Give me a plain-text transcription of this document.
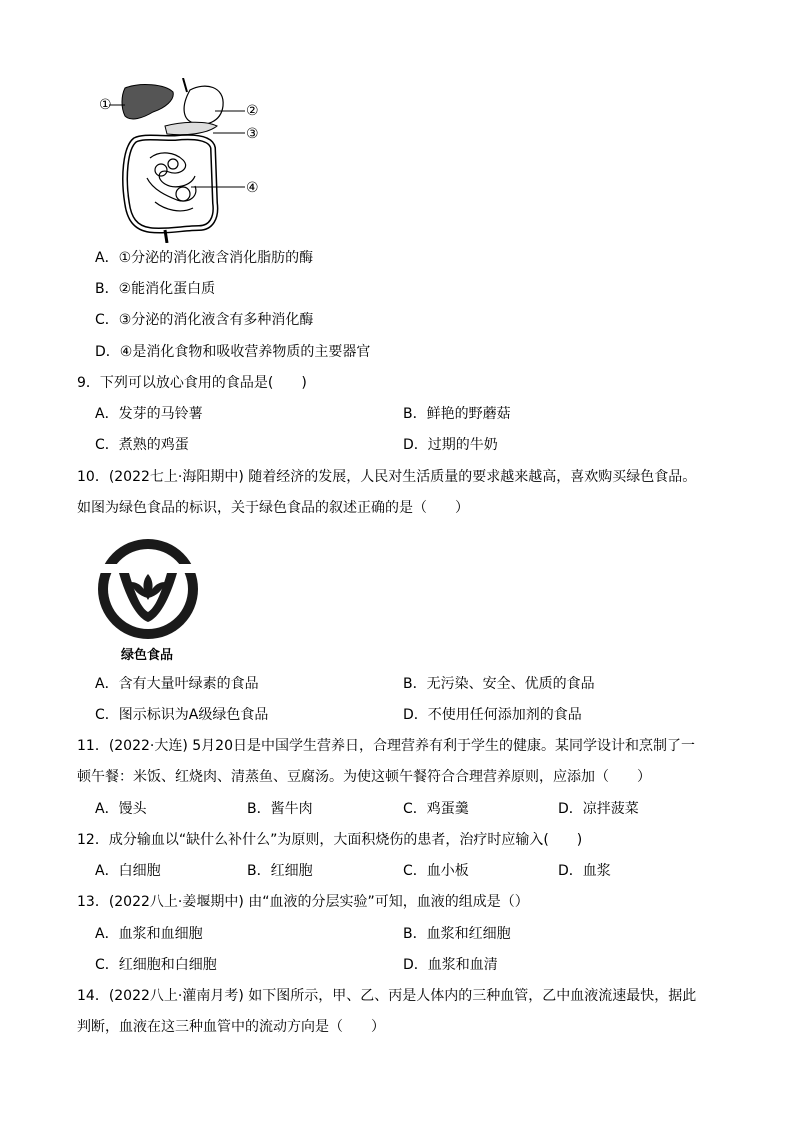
①	②
③
④
A．①分泌的消化液含消化脂肪的酶
B．②能消化蛋白质
C．③分泌的消化液含有多种消化酶
D．④是消化食物和吸收营养物质的主要器官
9．下列可以放心食用的食品是(　　)
A．发芽的马铃薯	B．鲜艳的野蘑菇
C．煮熟的鸡蛋	D．过期的牛奶
10．(2022七上·海阳期中) 随着经济的发展，人民对生活质量的要求越来越高，喜欢购买绿色食品。
如图为绿色食品的标识，关于绿色食品的叙述正确的是（　　）
绿色食品
A．含有大量叶绿素的食品	B．无污染、安全、优质的食品
C．图示标识为A级绿色食品	D．不使用任何添加剂的食品
11．(2022·大连) 5月20日是中国学生营养日，合理营养有利于学生的健康。某同学设计和烹制了一
顿午餐：米饭、红烧肉、清蒸鱼、豆腐汤。为使这顿午餐符合合理营养原则，应添加（　　）
A．馒头	B．酱牛肉	C．鸡蛋羹	D．凉拌菠菜
12．成分输血以“缺什么补什么”为原则，大面积烧伤的患者，治疗时应输入(　　)
A．白细胞	B．红细胞	C．血小板	D．血浆
13．(2022八上·姜堰期中) 由“血液的分层实验”可知，血液的组成是（）
A．血浆和血细胞	B．血浆和红细胞
C．红细胞和白细胞	D．血浆和血清
14．(2022八上·灌南月考) 如下图所示，甲、乙、丙是人体内的三种血管，乙中血液流速最快，据此
判断，血液在这三种血管中的流动方向是（　　）
